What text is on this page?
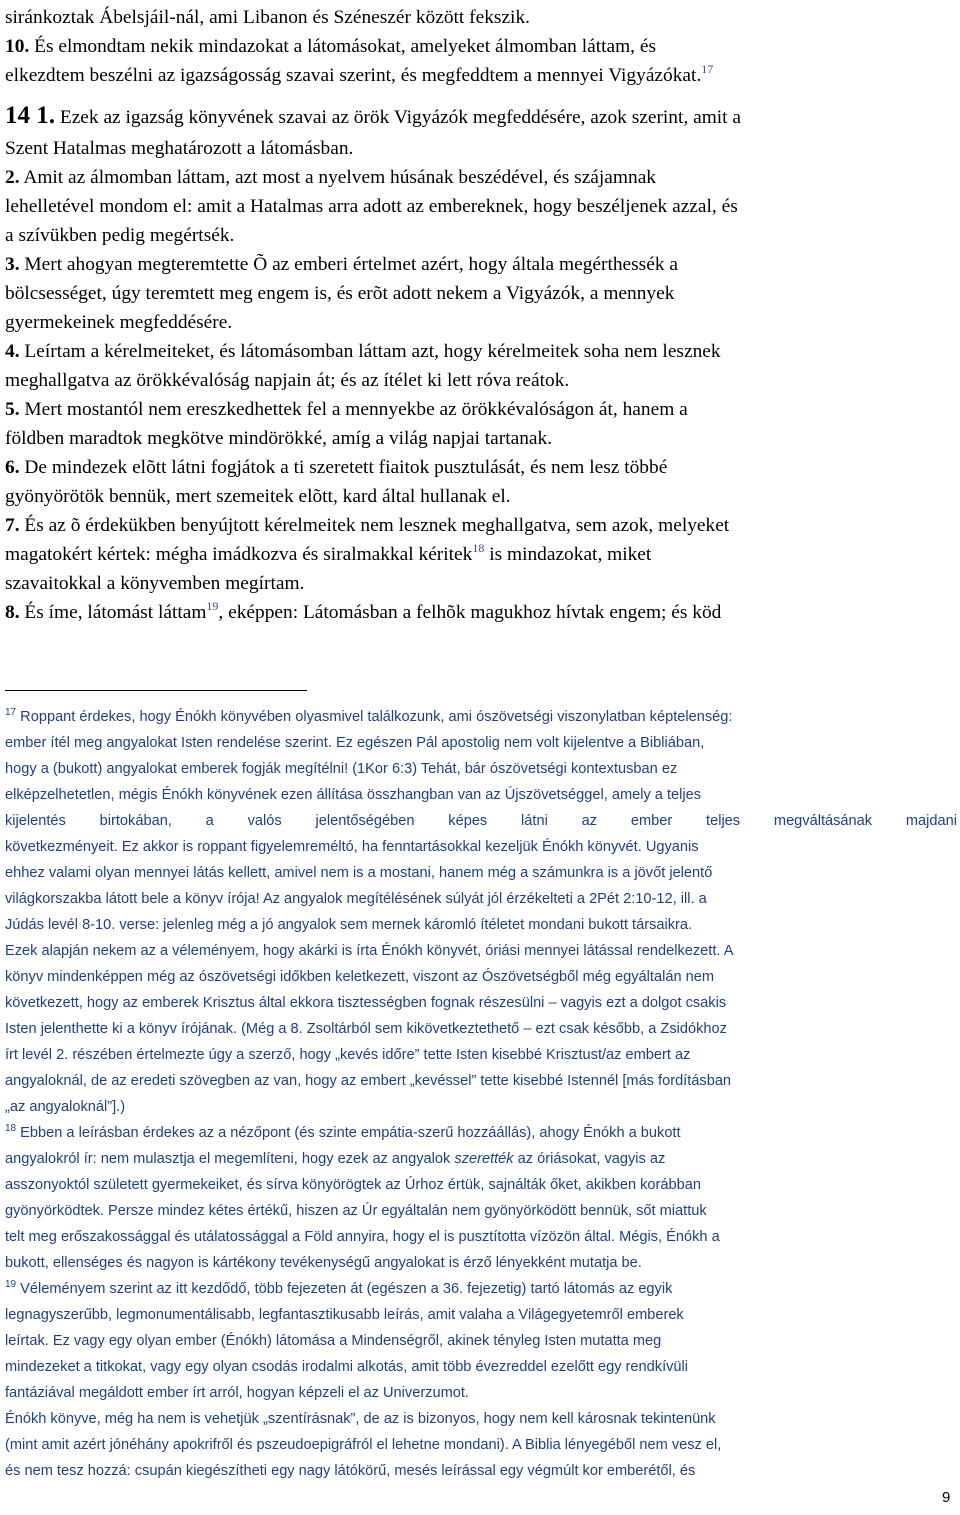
siránkoztak Ábelsjáil-nál, ami Libanon és Széneszér között fekszik.
10. És elmondtam nekik mindazokat a látomásokat, amelyeket álmomban láttam, és
elkezdtem beszélni az igazságosság szavai szerint, és megfeddtem a mennyei Vigyázókat.$^{17}$
14 1. Ezek az igazság könyvének szavai az örök Vigyázók megfeddésére, azok szerint, amit a
Szent Hatalmas meghatározott a látomásban.
2. Amit az álmomban láttam, azt most a nyelvem húsának beszédével, és szájamnak
lehelletével mondom el: amit a Hatalmas arra adott az embereknek, hogy beszéljenek azzal, és
a szívükben pedig megértsék.
3. Mert ahogyan megteremtette Õ az emberi értelmet azért, hogy általa megérthessék a
bölcsességet, úgy teremtett meg engem is, és erõt adott nekem a Vigyázók, a mennyek
gyermekeinek megfeddésére.
4. Leírtam a kérelmeiteket, és látomásomban láttam azt, hogy kérelmeitek soha nem lesznek
meghallgatva az örökkévalóság napjain át; és az ítélet ki lett róva reátok.
5. Mert mostantól nem ereszkedhettek fel a mennyekbe az örökkévalóságon át, hanem a
földben maradtok megkötve mindörökké, amíg a világ napjai tartanak.
6. De mindezek elõtt látni fogjátok a ti szeretett fiaitok pusztulását, és nem lesz többé
gyönyörötök bennük, mert szemeitek elõtt, kard által hullanak el.
7. És az õ érdekükben benyújtott kérelmeitek nem lesznek meghallgatva, sem azok, melyeket
magatokért kértek: mégha imádkozva és siralmakkal kéritek$^{18}$ is mindazokat, miket
szavaitokkal a könyvemben megírtam.
8. És íme, látomást láttam$^{19}$, eképpen: Látomásban a felhõk magukhoz hívtak engem; és köd
$^{17}$ Roppant érdekes, hogy Énókh könyvében olyasmivel találkozunk, ami ószövetségi viszonylatban képtelenség:
ember ítél meg angyalokat Isten rendelése szerint. Ez egészen Pál apostolig nem volt kijelentve a Bibliában,
hogy a (bukott) angyalokat emberek fogják megítélni! (1Kor 6:3) Tehát, bár ószövetségi kontextusban ez
elképzelhetetlen, mégis Énókh könyvének ezen állítása összhangban van az Újszövetséggel, amely a teljes
kijelentés birtokában, a valós jelentőségében képes látni az ember teljes megváltásának majdani
következményeit. Ez akkor is roppant figyelemreméltó, ha fenntartásokkal kezeljük Énókh könyvét. Ugyanis
ehhez valami olyan mennyei látás kellett, amivel nem is a mostani, hanem még a számunkra is a jövőt jelentő
világkorszakba látott bele a könyv írója! Az angyalok megítélésének súlyát jól érzékelteti a 2Pét 2:10-12, ill. a
Júdás levél 8-10. verse: jelenleg még a jó angyalok sem mernek káromló ítéletet mondani bukott társaikra.
Ezek alapján nekem az a véleményem, hogy akárki is írta Énókh könyvét, óriási mennyei látással rendelkezett. A
könyv mindenképpen még az ószövetségi időkben keletkezett, viszont az Ószövetségből még egyáltalán nem
következett, hogy az emberek Krisztus által ekkora tisztességben fognak részesülni – vagyis ezt a dolgot csakis
Isten jelenthette ki a könyv írójának. (Még a 8. Zsoltárból sem kikövetkeztethető – ezt csak később, a Zsidókhoz
írt levél 2. részében értelmezte úgy a szerző, hogy „kevés időre” tette Isten kisebbé Krisztust/az embert az
angyaloknál, de az eredeti szövegben az van, hogy az embert „kevéssel” tette kisebbé Istennél [más fordításban
„az angyaloknál”].)
$^{18}$ Ebben a leírásban érdekes az a nézőpont (és szinte empátia-szerű hozzáállás), ahogy Énókh a bukott
angyalokról ír: nem mulasztja el megemlíteni, hogy ezek az angyalok szerették az óriásokat, vagyis az
asszonyoktól született gyermekeiket, és sírva könyörögtek az Úrhoz értük, sajnálták őket, akikben korábban
gyönyörködtek. Persze mindez kétes értékű, hiszen az Úr egyáltalán nem gyönyörködött bennük, sőt miattuk
telt meg erőszakossággal és utálatossággal a Föld annyira, hogy el is pusztította vízözön által. Mégis, Énókh a
bukott, ellenséges és nagyon is kártékony tevékenységű angyalokat is érző lényekként mutatja be.
$^{19}$ Véleményem szerint az itt kezdődő, több fejezeten át (egészen a 36. fejezetig) tartó látomás az egyik
legnagyszerűbb, legmonumentálisabb, legfantasztikusabb leírás, amit valaha a Világegyetemről emberek
leírtak. Ez vagy egy olyan ember (Énókh) látomása a Mindenségről, akinek tényleg Isten mutatta meg
mindezeket a titkokat, vagy egy olyan csodás irodalmi alkotás, amit több évezreddel ezelőtt egy rendkívüli
fantáziával megáldott ember írt arról, hogyan képzeli el az Univerzumot.
Énókh könyve, még ha nem is vehetjük „szentírásnak”, de az is bizonyos, hogy nem kell károsnak tekintenünk
(mint amit azért jónéhány apokrifről és pszeudoepigráfról el lehetne mondani). A Biblia lényegéből nem vesz el,
és nem tesz hozzá: csupán kiegészítheti egy nagy látókörű, mesés leírással egy végmúlt kor emberétől, és
9
